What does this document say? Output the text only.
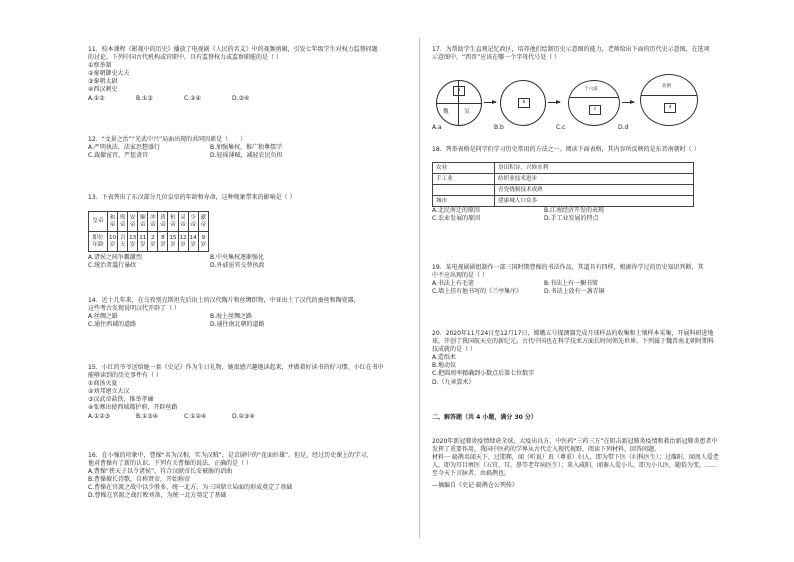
11．校本课程《影视中的历史》播放了电视剧《人民的名义》中的视频剪辑，引发七年级学生对权力监督问题
的讨论。下列中国古代机构或官职中，具有监督权力或监察职能的是（ ）
①察举制
②秦朝御史大夫
③秦朝太尉
④西汉刺史
A.①②	B.①③	C.②④	D.③④
12．“文景之治”“光武中兴”局面出现的共同因素是（　　）
A.严明执法，法家思想盛行	B.加强集权，推广独尊儒学
C.裁撤宦官，严惩贪官	D.轻徭薄赋，减轻农民负担
13．下表列出了东汉部分几位皇帝的年龄和寿命，这种现象带来的影响是（ ）
皇帝	和帝	殇帝	安帝	顺帝	冲帝	质帝	桓帝	灵帝	少帝	献帝
即位年龄	10岁	百天	13岁	11岁	2岁	8岁	15岁	12岁	14岁	9岁
A.诸侯之间争霸激烈	B.中央集权逐渐强化
C.统治者滥行暴政	D.外戚宦官交替执政
14．近十几年来，在乌孜别克斯坦先后出土的汉代陶片和丝绸织物，中亚出土了汉代的蚕丝和陶瓷器，
这些考古发现说明汉代开辟了（ ）
A.丝绸之路	B.海上丝绸之路
C.通往西域的道路	D.通往南北朝的道路
15．小红的爷爷送给她一套《史记》作为生日礼物，她很感兴趣地读起来，并做着好读书的好习惯。小红在书中
能够读到的历史事件有（ ）
①商汤灭夏
②刘邦建立大汉
③汉武帝盐铁，推举孝廉
④张骞出使西域都护府，开辟丝路
A.①②③	B.①③④	C.①②④	D.②③④
16．在小强的印象中，曹操“名为汉相，实为汉贼”，是京剧中的“花面奸雄”。但是，经过历史课上的学习，
他对曹操有了新的认识。下列有关曹操的说法，正确的是（ ）
A.曹操“挟天子以令诸侯”，符合汉献帝长安被胁的诏曲
B.曹操擅长诗歌，自称贤帝，开始称帝
C.曹操在官渡之战中以少胜多，统一北方，为三国鼎立局面的形成奠定了基础
D.曹操在官渡之战打败刘备，为统一北方奠定了基础
17．为帮助学生直观记忆政区，培养他们绘制历史示意图的能力，老师给出下面的历代史示意图，在选项
示意图中，“西晋”应该在哪一个字母代号处（ ）
a
魏	吴
b
十六国
c
北朝
d
A.a	B.b	C.c	D.d
18．列举表格是同学们学习历史常用的方法之一。阅读下面表格，其内容所反映的是东晋南朝时（ ）
农业	垦田积谷，兴修水利
手工业	纺织业技术进步
	青瓷烧制技术成熟
城市	建康城人口众多
A.北民南迁的原因	B.江南经济开发的表现
C.农业发展的原因	D.手工业发展的特点
19．某电视剧剧组制作一部三国时期曹操的书法作品，其道具有四样，根据你学过的历史知识判断，其
中不应出现的是（ ）
A.书法上有毛笔	B.书法上有一捆书简
C.墙上挂有他书写的《兰亭集序》	D.书法上放有一盏青铜
20．2020年11月24日至12月17日，嫦娥五号探测器完成月球样品的收集和土壤样本采集，开展科研进地
球，开创了我国航天史的新纪元。古代中国也在科学技术方面长时间领先世界。下列属于魏晋南北朝时期科
技成就的是（ ）
A.造纸术
B.地动仪
C.把圆周率精确到小数点后第七位数字
D.《九章算术》
二、解答题（共 4 小题，满分 30 分）
2020年新冠肺炎疫情肆虐全球，大疫出良方，中医药“三药三方”在阻击新冠肺炎疫情和救治新冠肺炎患者中
发挥了重要作用，我国中医药的学界从古代走入现代视野，阅读下列材料，回答问题。
材料一 扁鹊名闻天下，过邯郸，闻（听说）贵（尊重）妇人，即为带下医（妇科医生）；过雒阳，闻周人爱老
人，即为耳目痹医（五官、耳、鼻等老年病医生）；来入咸阳，闻秦人爱小儿，即为小儿医，随俗为变。……
至今天下言脉者，由扁鹊也。
—摘编自《史记·扁鹊仓公列传》
